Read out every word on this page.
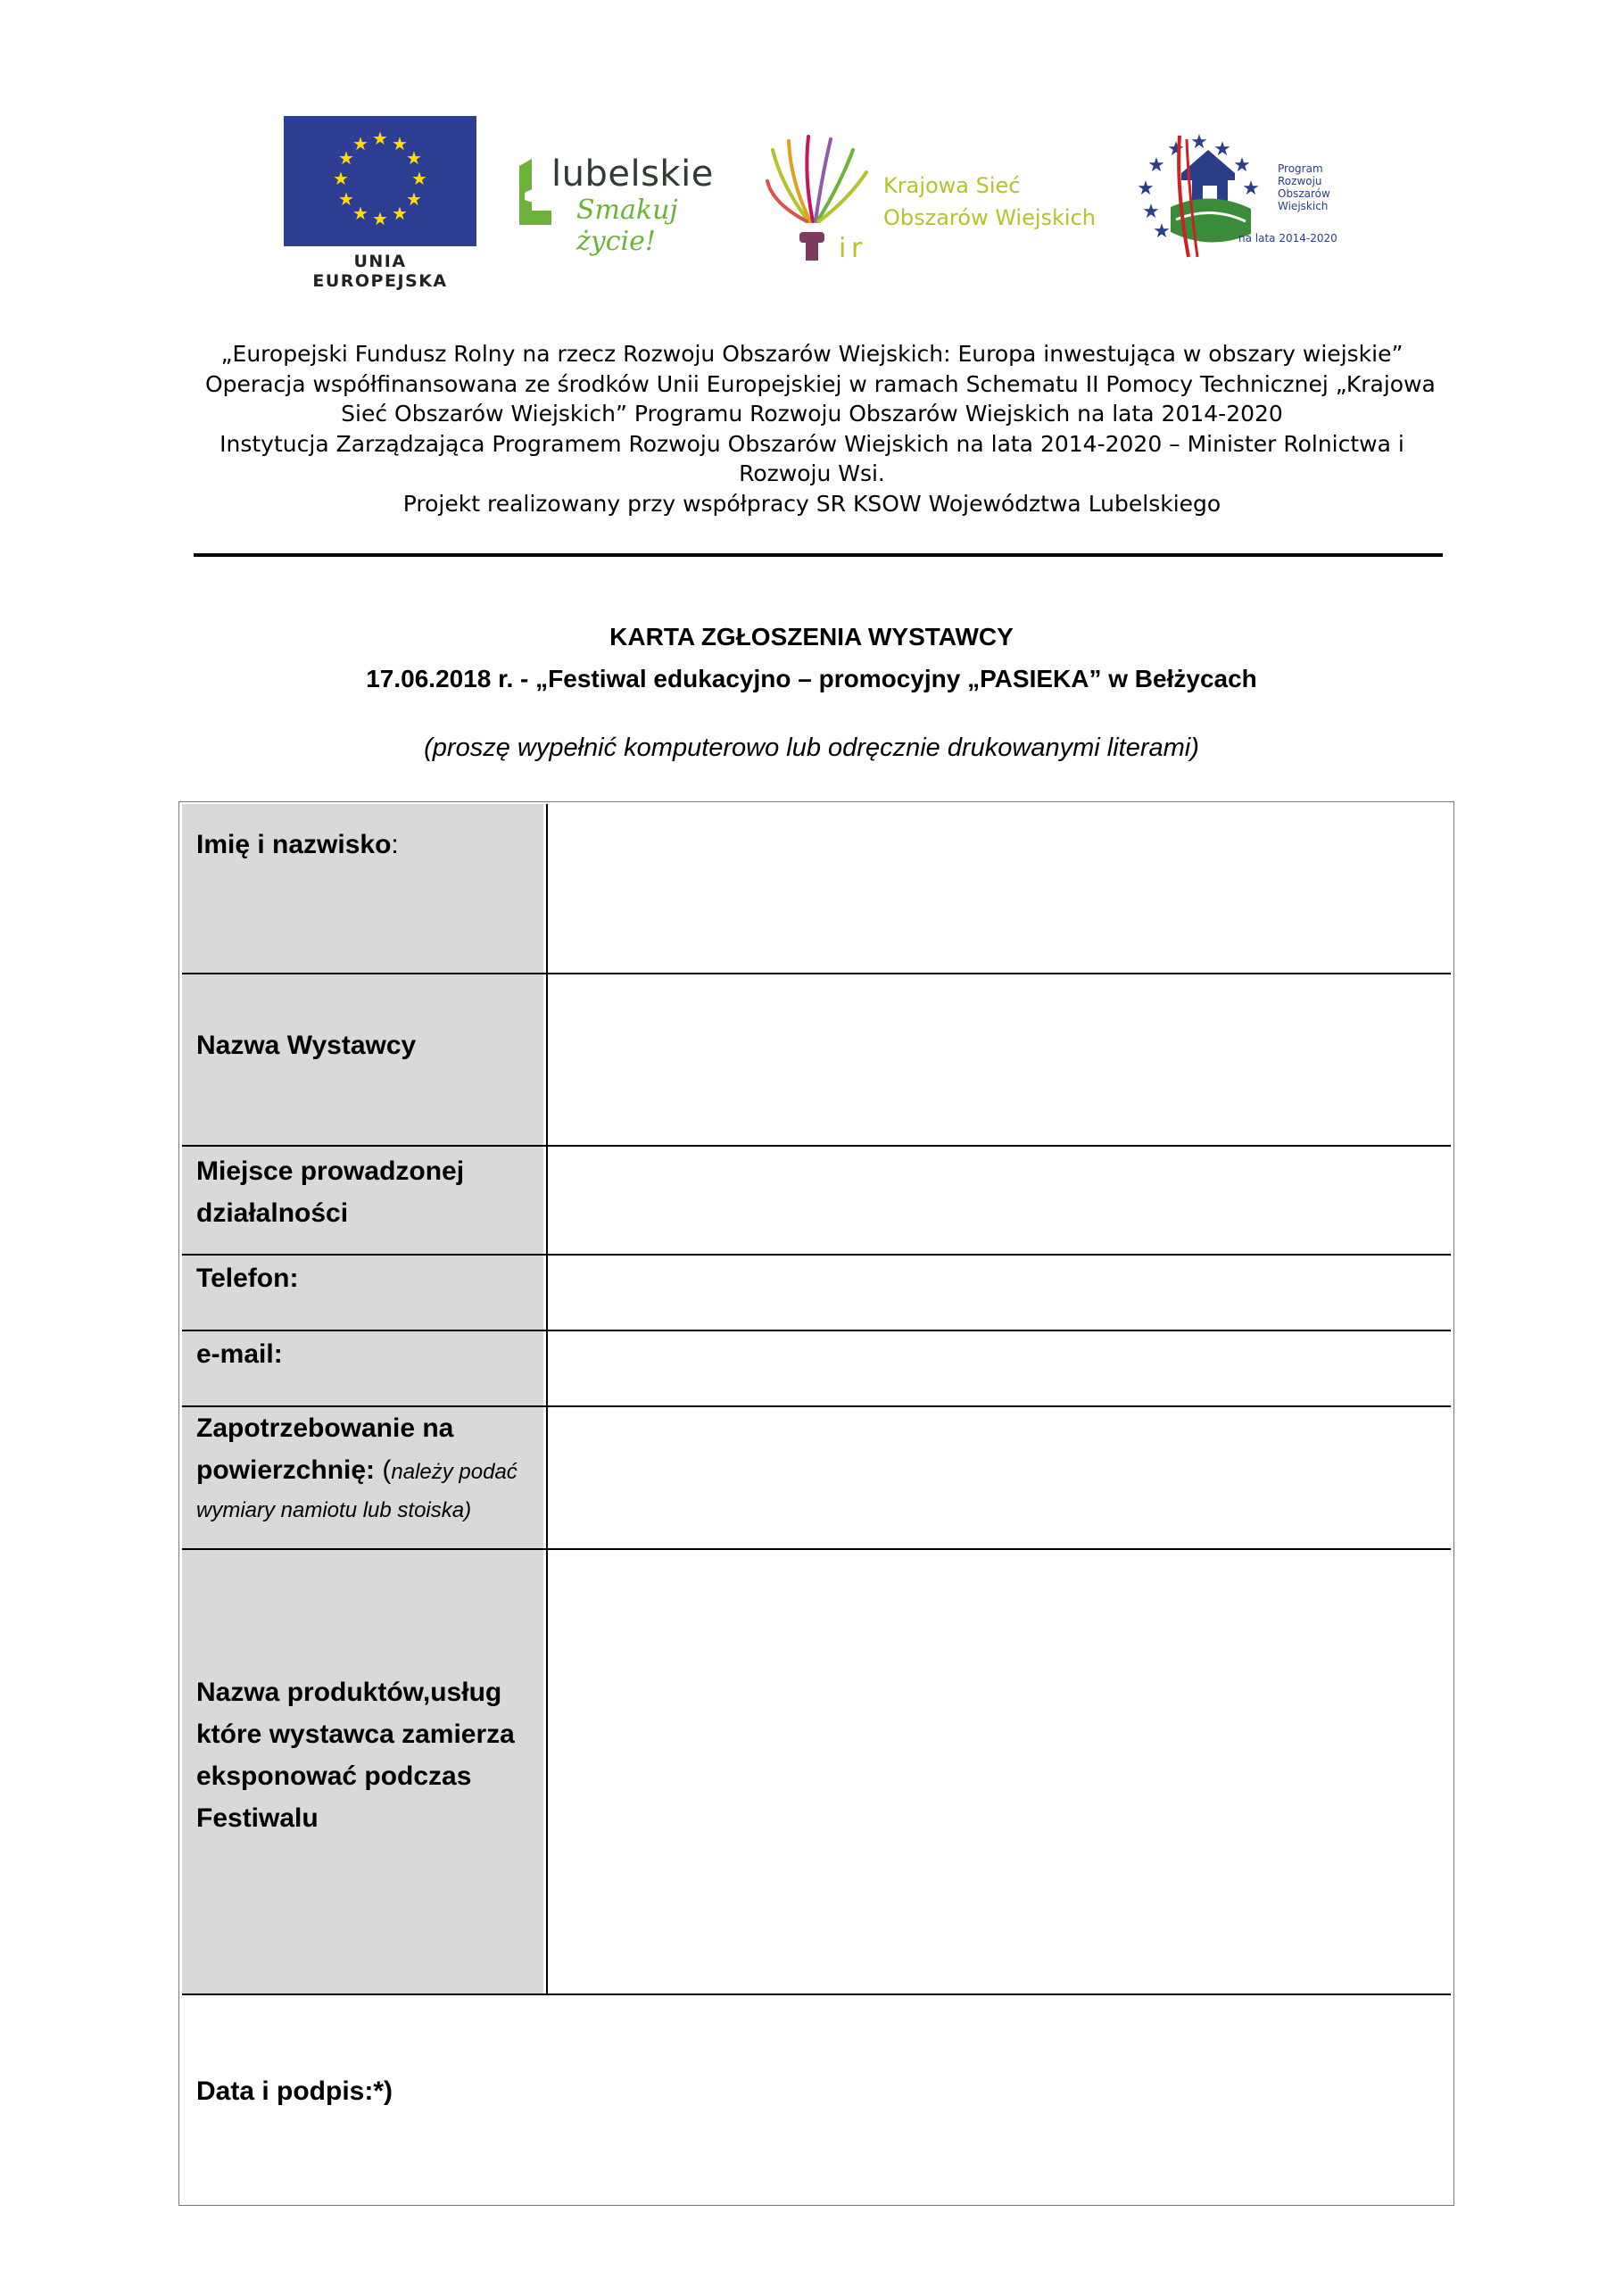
★ ★
★
★
★
★
★
★
★
★
★
★
UNIA EUROPEJSKA
lubelskie
Smakuj życie!	i r
Krajowa Sieć
Obszarów Wiejskich
★ ★
★
★
★
★
★
★
★
Program
Rozwoju
Obszarów
Wiejskich
na lata 2014-2020
„Europejski Fundusz Rolny na rzecz Rozwoju Obszarów Wiejskich: Europa inwestująca w obszary wiejskie”
Operacja współfinansowana ze środków Unii Europejskiej w ramach Schematu II Pomocy Technicznej „Krajowa
Sieć Obszarów Wiejskich” Programu Rozwoju Obszarów Wiejskich na lata 2014-2020
Instytucja Zarządzająca Programem Rozwoju Obszarów Wiejskich na lata 2014-2020 – Minister Rolnictwa i
Rozwoju Wsi.
Projekt realizowany przy współpracy SR KSOW Województwa Lubelskiego
KARTA ZGŁOSZENIA WYSTAWCY
17.06.2018 r. - „Festiwal edukacyjno – promocyjny „PASIEKA” w Bełżycach
(proszę wypełnić komputerowo lub odręcznie drukowanymi literami)
Imię i nazwisko:
Nazwa Wystawcy
Miejsce prowadzonej
działalności
Telefon:
e-mail:
Zapotrzebowanie na
powierzchnię: (należy podać
wymiary namiotu lub stoiska)
Nazwa produktów,usług
które wystawca zamierza
eksponować podczas
Festiwalu
Data i podpis:*)
